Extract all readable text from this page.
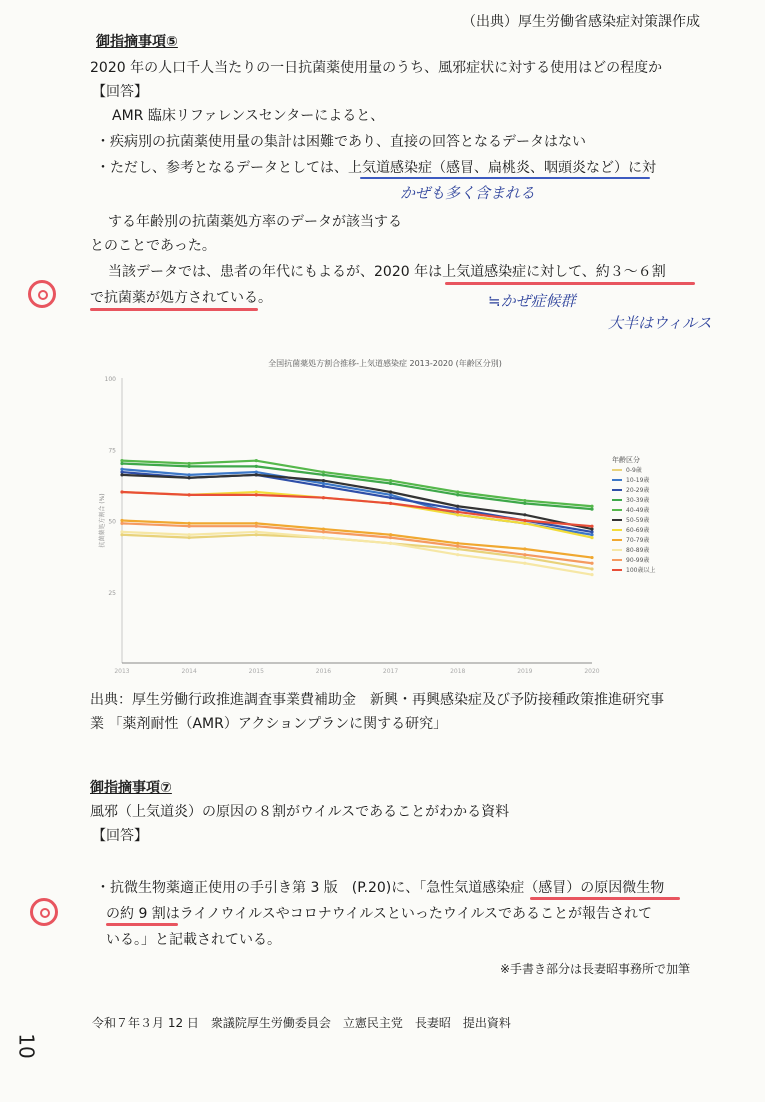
（出典）厚生労働省感染症対策課作成
御指摘事項⑤
2020 年の人口千人当たりの一日抗菌薬使用量のうち、風邪症状に対する使用はどの程度か
【回答】
AMR 臨床リファレンスセンターによると、
・疾病別の抗菌薬使用量の集計は困難であり、直接の回答となるデータはない
・ただし、参考となるデータとしては、上気道感染症（感冒、扁桃炎、咽頭炎など）に対
かぜも多く含まれる
する年齢別の抗菌薬処方率のデータが該当する
とのことであった。
当該データでは、患者の年代にもよるが、2020 年は上気道感染症に対して、約３～６割
で抗菌薬が処方されている。	≒かぜ症候群
大半はウィルス
全国抗菌薬処方割合推移-上気道感染症 2013-2020 (年齢区分別)
100
75
50
25
抗菌薬処方割合 (%)
2013	2014	2015	2016	2017	2018	2019	2020
年齢区分
0-9歳
10-19歳
20-29歳
30-39歳
40-49歳
50-59歳
60-69歳
70-79歳
80-89歳
90-99歳
100歳以上
出典：厚生労働行政推進調査事業費補助金　新興・再興感染症及び予防接種政策推進研究事
業 「薬剤耐性（AMR）アクションプランに関する研究」
御指摘事項⑦
風邪（上気道炎）の原因の８割がウイルスであることがわかる資料
【回答】
・抗微生物薬適正使用の手引き第 3 版　(P.20)に、「急性気道感染症（感冒）の原因微生物
の約 9 割はライノウイルスやコロナウイルスといったウイルスであることが報告されて
いる。」と記載されている。
※手書き部分は長妻昭事務所で加筆
令和７年３月 12 日　衆議院厚生労働委員会　立憲民主党　長妻昭　提出資料
10
